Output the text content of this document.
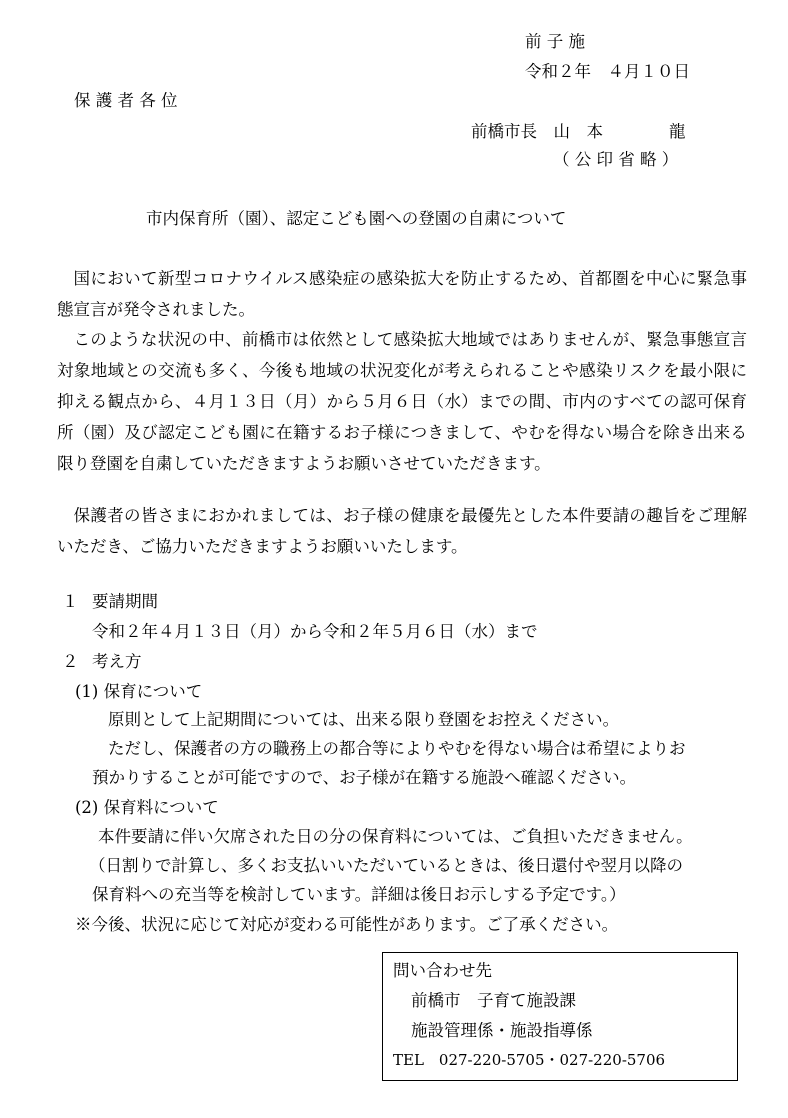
前 子 施
令和２年　４月１０日
保 護 者 各 位
前橋市長　山　本　　　　龍
（ 公 印 省 略 ）
市内保育所（園）、認定こども園への登園の自粛について
国において新型コロナウイルス感染症の感染拡大を防止するため、首都圏を中心に緊急事態宣言が発令されました。
このような状況の中、前橋市は依然として感染拡大地域ではありませんが、緊急事態宣言対象地域との交流も多く、今後も地域の状況変化が考えられることや感染リスクを最小限に抑える観点から、４月１３日（月）から５月６日（水）までの間、市内のすべての認可保育所（園）及び認定こども園に在籍するお子様につきまして、やむを得ない場合を除き出来る限り登園を自粛していただきますようお願いさせていただきます。
保護者の皆さまにおかれましては、お子様の健康を最優先とした本件要請の趣旨をご理解いただき、ご協力いただきますようお願いいたします。
１ 要請期間
令和２年４月１３日（月）から令和２年５月６日（水）まで
２ 考え方
(1) 保育について
原則として上記期間については、出来る限り登園をお控えください。
ただし、保護者の方の職務上の都合等によりやむを得ない場合は希望によりお
預かりすることが可能ですので、お子様が在籍する施設へ確認ください。
(2) 保育料について
本件要請に伴い欠席された日の分の保育料については、ご負担いただきません。
（日割りで計算し、多くお支払いいただいているときは、後日還付や翌月以降の
保育料への充当等を検討しています。詳細は後日お示しする予定です。）
※今後、状況に応じて対応が変わる可能性があります。ご了承ください。
問い合わせ先
前橋市　子育て施設課
施設管理係・施設指導係
TEL　027-220-5705・027-220-5706
